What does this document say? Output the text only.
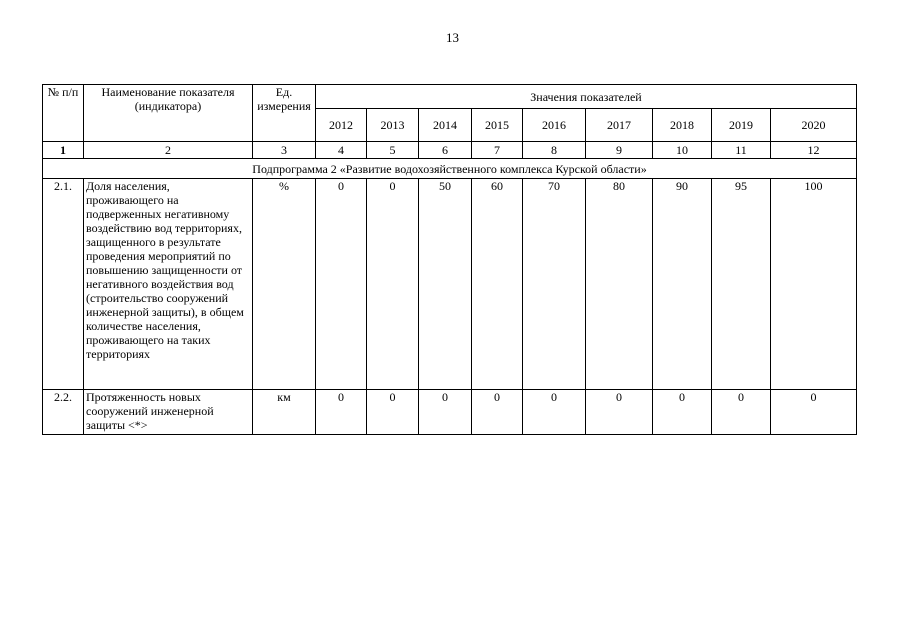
13
№ п/п	Наименование показателя (индикатора)	Ед. измерения	Значения показателей								
			2012	2013	2014	2015	2016	2017	2018	2019	2020
1	2	3	4	5	6	7	8	9	10	11	12
Подпрограмма 2 «Развитие водохозяйственного комплекса Курской области»											
2.1.	Доля населения, проживающего на подверженных негативному воздействию вод территориях, защищенного в результате проведения мероприятий по повышению защищенности от негативного воздействия вод (строительство сооружений инженерной защиты), в общем количестве населения, проживающего на таких территориях	%	0	0	50	60	70	80	90	95	100
2.2.	Протяженность новых сооружений инженерной защиты <*>	км	0	0	0	0	0	0	0	0	0
